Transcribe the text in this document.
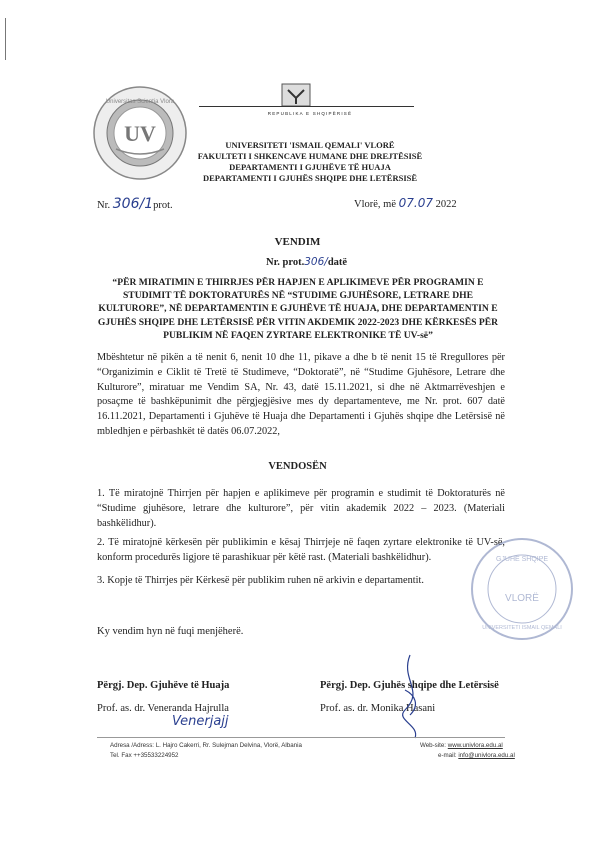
UV
Universitas Scientia Vlora
REPUBLIKA E SHQIPËRISË
UNIVERSITETI 'ISMAIL QEMALI' VLORË
FAKULTETI I SHKENCAVE HUMANE DHE DREJTËSISË
DEPARTAMENTI I GJUHËVE TË HUAJA
DEPARTAMENTI I GJUHËS SHQIPE DHE LETËRSISË
Nr. 306/1prot.	Vlorë, më 07.07 2022
VENDIM
Nr. prot.306/datë
“PËR MIRATIMIN E THIRRJES PËR HAPJEN E APLIKIMEVE PËR PROGRAMIN E STUDIMIT TË DOKTORATURËS NË “STUDIME GJUHËSORE, LETRARE DHE KULTURORE”, NË DEPARTAMENTIN E GJUHËVE TË HUAJA, DHE DEPARTAMENTIN E GJUHËS SHQIPE DHE LETËRSISË PËR VITIN AKDEMIK 2022-2023 DHE KËRKESËS PËR PUBLIKIM NË FAQEN ZYRTARE ELEKTRONIKE TË UV-së”
Mbështetur në pikën a të nenit 6, nenit 10 dhe 11, pikave a dhe b të nenit 15 të Rregullores për “Organizimin e Ciklit të Tretë të Studimeve, “Doktoratë”, në “Studime Gjuhësore, Letrare dhe Kulturore”, miratuar me Vendim SA, Nr. 43, datë 15.11.2021, si dhe në Aktmarrëveshjen e posaçme të bashkëpunimit dhe përgjegjësive mes dy departamenteve, me Nr. prot. 607 datë 16.11.2021, Departamenti i Gjuhëve të Huaja dhe Departamenti i Gjuhës shqipe dhe Letërsisë në mbledhjen e përbashkët të datës 06.07.2022,
VENDOSËN
1. Të miratojnë Thirrjen për hapjen e aplikimeve për programin e studimit të Doktoraturës në “Studime gjuhësore, letrare dhe kulturore”, për vitin akademik 2022 – 2023. (Materiali bashkëlidhur).
2. Të miratojnë kërkesën për publikimin e kësaj Thirrjeje në faqen zyrtare elektronike të UV-së, konform procedurës ligjore të parashikuar për këtë rast. (Materiali bashkëlidhur).
3. Kopje të Thirrjes për Kërkesë për publikim ruhen në arkivin e departamentit.
GJUHË SHQIPE
VLORË
UNIVERSITETI ISMAIL QEMALI
Ky vendim hyn në fuqi menjëherë.
Përgj. Dep. Gjuhëve të Huaja
Prof. as. dr. Veneranda Hajrulla
Venerjajj
Përgj. Dep. Gjuhës shqipe dhe Letërsisë
Prof. as. dr. Monika Hasani
Adresa /Adress: L. Hajro Cakerri, Rr. Sulejman Delvina, Vlorë, Albania
Tel. Fax ++35533224952
Web-site: www.univlora.edu.al
e-mail: info@univlora.edu.al
